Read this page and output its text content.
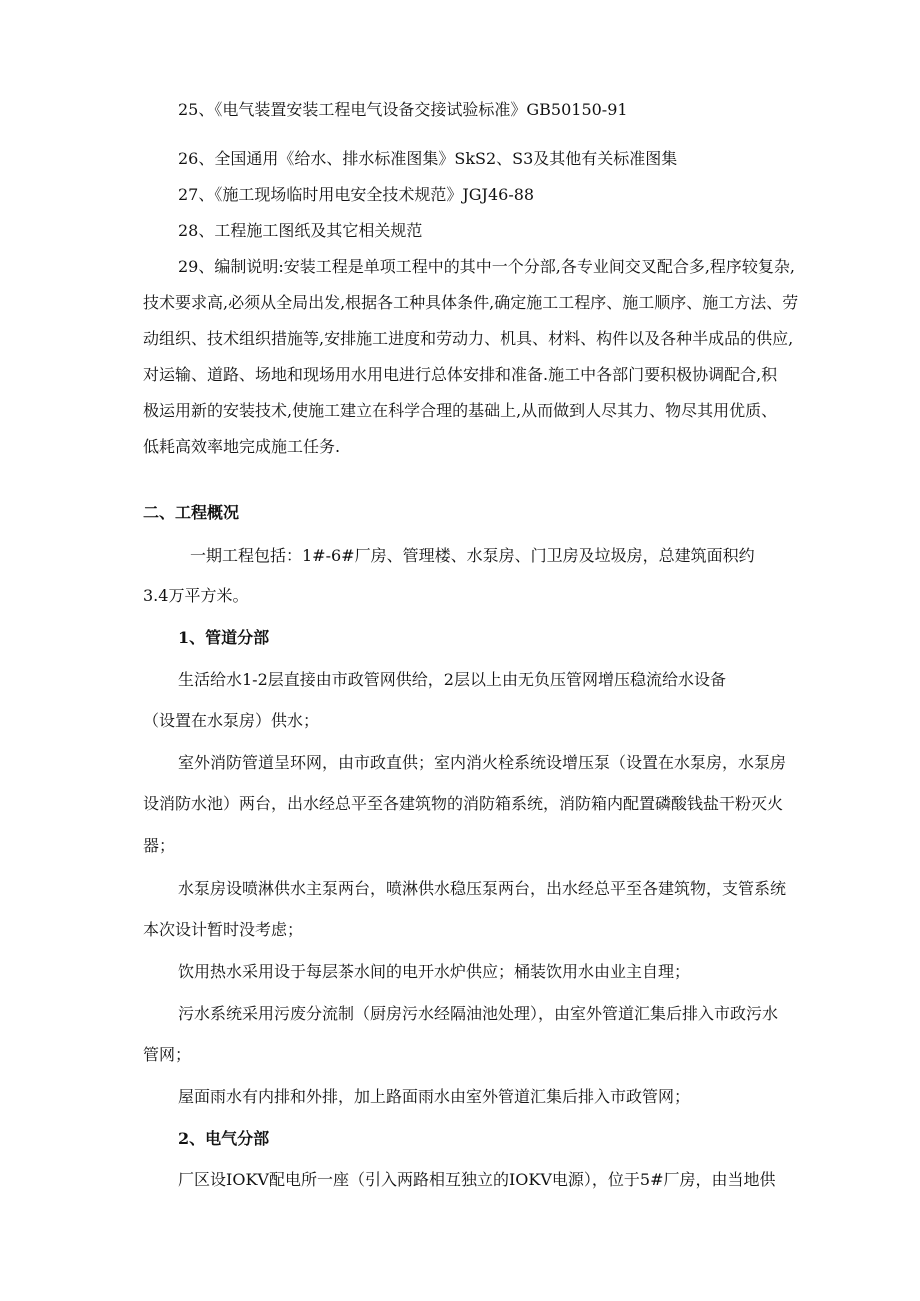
25、《电气装置安装工程电气设备交接试验标准》GB50150-91
26、全国通用《给水、排水标准图集》SkS2、S3及其他有关标准图集
27、《施工现场临时用电安全技术规范》JGJ46-88
28、工程施工图纸及其它相关规范
29、编制说明:安装工程是单项工程中的其中一个分部,各专业间交叉配合多,程序较复杂,
技术要求高,必须从全局出发,根据各工种具体条件,确定施工工程序、施工顺序、施工方法、劳
动组织、技术组织措施等,安排施工进度和劳动力、机具、材料、构件以及各种半成品的供应,
对运输、道路、场地和现场用水用电进行总体安排和准备.施工中各部门要积极协调配合,积
极运用新的安装技术,使施工建立在科学合理的基础上,从而做到人尽其力、物尽其用优质、
低耗高效率地完成施工任务.
二、工程概况
一期工程包括：1#-6#厂房、管理楼、水泵房、门卫房及垃圾房，总建筑面积约
3.4万平方米。
1、管道分部
生活给水1-2层直接由市政管网供给，2层以上由无负压管网增压稳流给水设备
（设置在水泵房）供水；
室外消防管道呈环网，由市政直供；室内消火栓系统设增压泵（设置在水泵房，水泵房
设消防水池）两台，出水经总平至各建筑物的消防箱系统，消防箱内配置磷酸钱盐干粉灭火
器；
水泵房设喷淋供水主泵两台，喷淋供水稳压泵两台，出水经总平至各建筑物，支管系统
本次设计暂时没考虑；
饮用热水采用设于每层茶水间的电开水炉供应；桶装饮用水由业主自理；
污水系统采用污废分流制（厨房污水经隔油池处理），由室外管道汇集后排入市政污水
管网；
屋面雨水有内排和外排，加上路面雨水由室外管道汇集后排入市政管网；
2、电气分部
厂区设IOKV配电所一座（引入两路相互独立的IOKV电源），位于5#厂房，由当地供
